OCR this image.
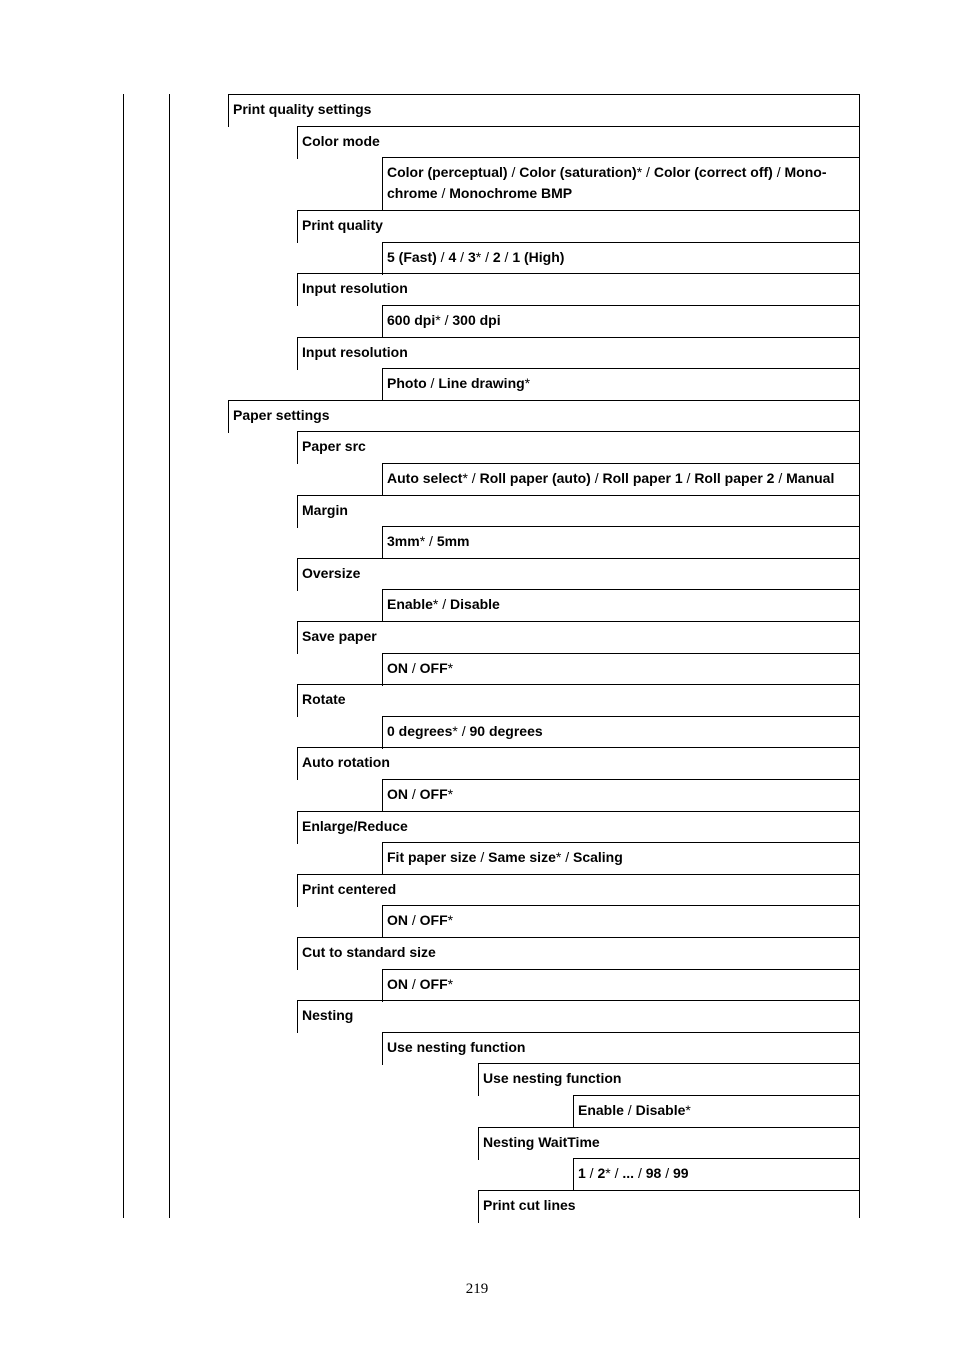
Print quality settings
Color mode
Color (perceptual) / Color (saturation)* / Color (correct off) / Mono-
chrome / Monochrome BMP
Print quality
5 (Fast) / 4 / 3* / 2 / 1 (High)
Input resolution
600 dpi* / 300 dpi
Input resolution
Photo / Line drawing*
Paper settings
Paper src
Auto select* / Roll paper (auto) / Roll paper 1 / Roll paper 2 / Manual
Margin
3mm* / 5mm
Oversize
Enable* / Disable
Save paper
ON / OFF*
Rotate
0 degrees* / 90 degrees
Auto rotation
ON / OFF*
Enlarge/Reduce
Fit paper size / Same size* / Scaling
Print centered
ON / OFF*
Cut to standard size
ON / OFF*
Nesting
Use nesting function
Use nesting function
Enable / Disable*
Nesting WaitTime
1 / 2* / ... / 98 / 99
Print cut lines
219
